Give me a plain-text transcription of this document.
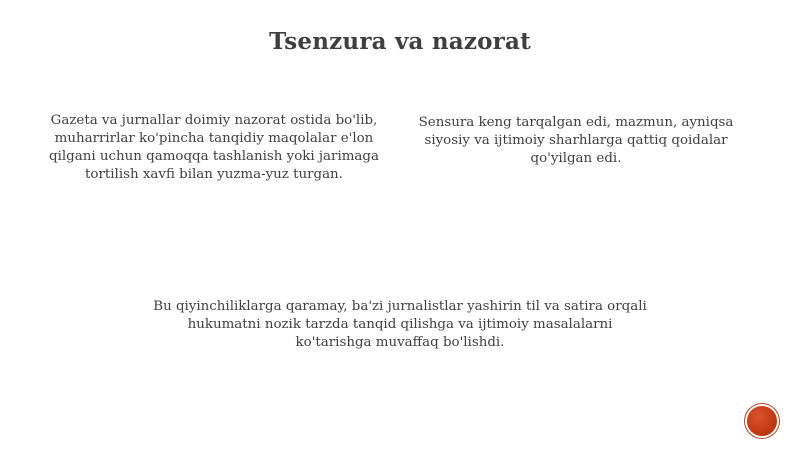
Tsenzura va nazorat
Gazeta va jurnallar doimiy nazorat ostida bo'lib, muharrirlar ko'pincha tanqidiy maqolalar e'lon qilgani uchun qamoqqa tashlanish yoki jarimaga tortilish xavfi bilan yuzma-yuz turgan.
Sensura keng tarqalgan edi, mazmun, ayniqsa siyosiy va ijtimoiy sharhlarga qattiq qoidalar qo'yilgan edi.
Bu qiyinchiliklarga qaramay, ba'zi jurnalistlar yashirin til va satira orqali hukumatni nozik tarzda tanqid qilishga va ijtimoiy masalalarni ko'tarishga muvaffaq bo'lishdi.
